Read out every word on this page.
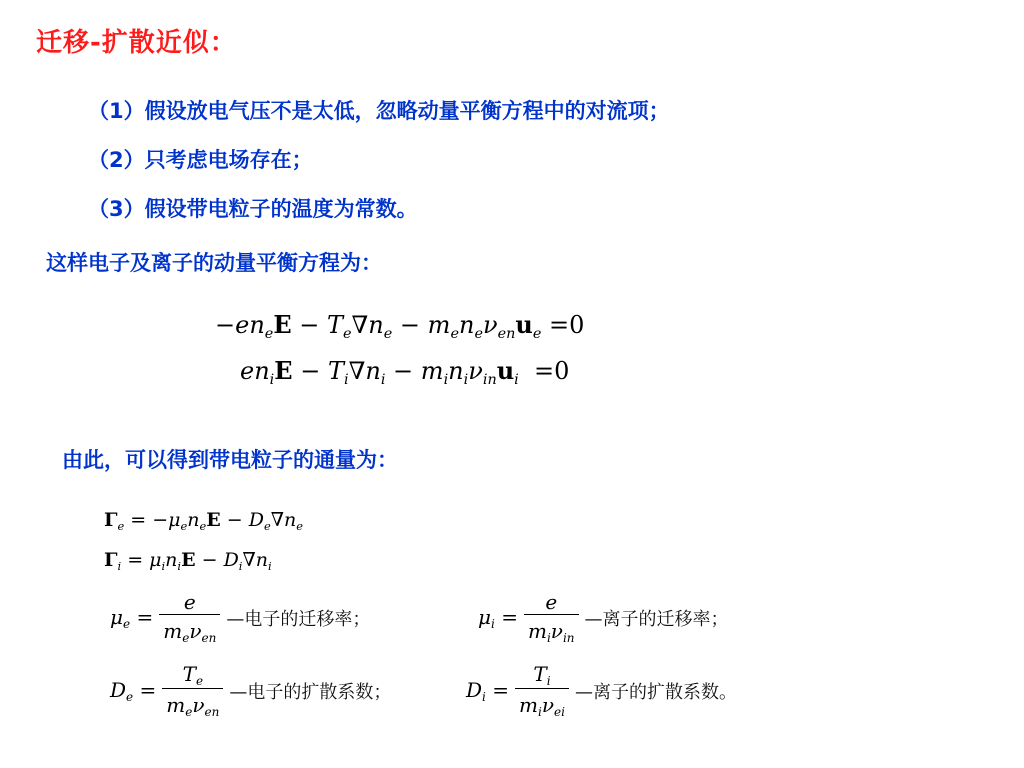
迁移-扩散近似：
（1）假设放电气压不是太低，忽略动量平衡方程中的对流项；
（2）只考虑电场存在；
（3）假设带电粒子的温度为常数。
这样电子及离子的动量平衡方程为：
$-en_eE - T_e\nabla n_e - m_en_e\nu_{en}u_e =0$
$en_iE - T_i\nabla n_i - m_in_i\nu_{in}u_i =0$
由此，可以得到带电粒子的通量为：
$\Gamma_e = -\mu_en_eE - D_e\nabla n_e$
$\Gamma_i = \mu_in_iE - D_i\nabla n_i$
$\mu_e = \frac{e}{m_e\nu_{en}}$ —电子的迁移率；	$\mu_i = \frac{e}{m_i\nu_{in}}$ —离子的迁移率；
$D_e = \frac{T_e}{m_e\nu_{en}}$ —电子的扩散系数；	$D_i = \frac{T_i}{m_i\nu_{ei}}$ —离子的扩散系数。
